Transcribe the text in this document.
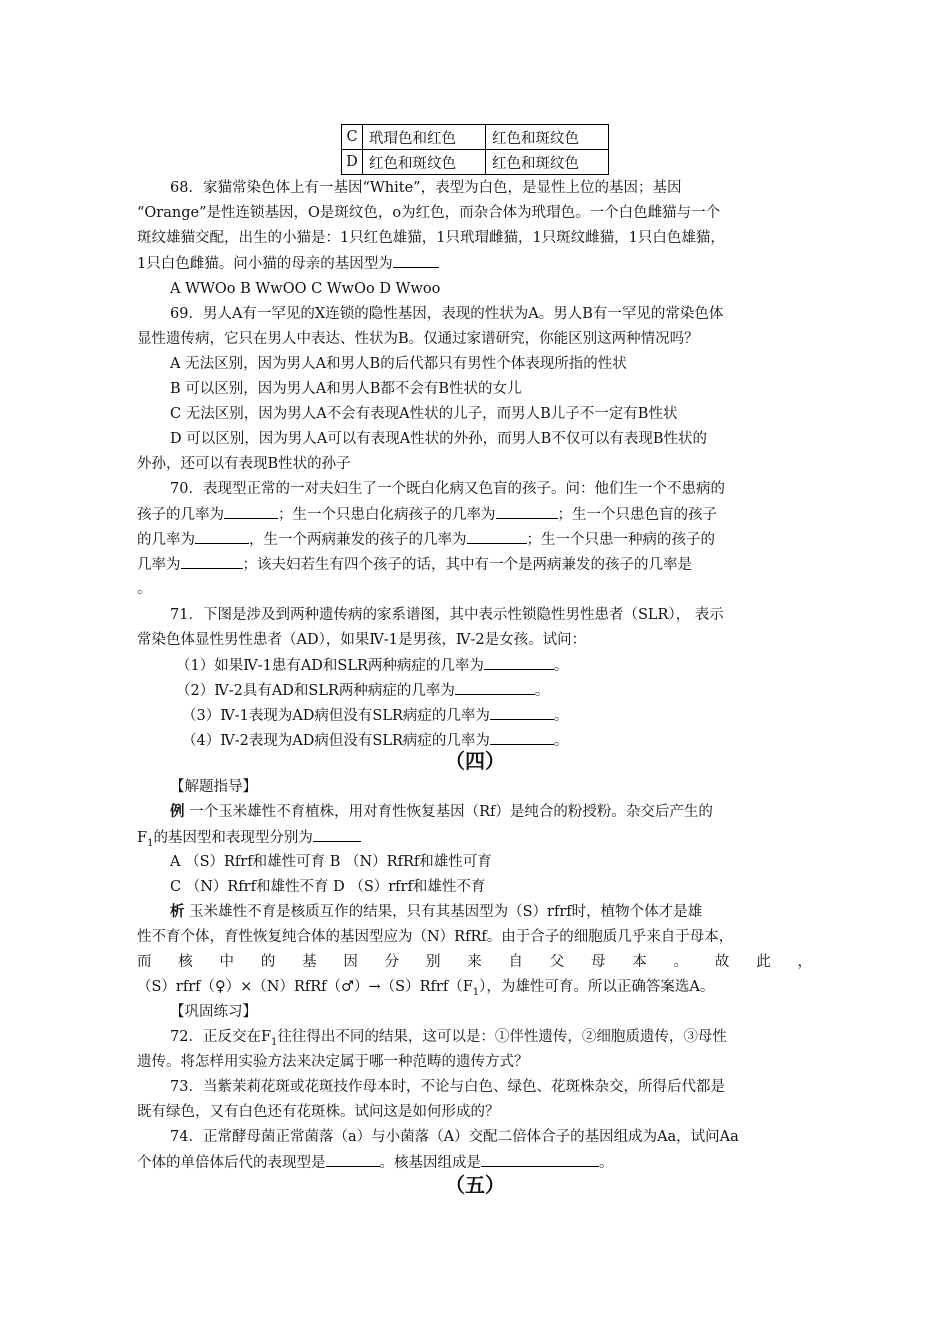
C	玳瑁色和红色	红色和斑纹色
D	红色和斑纹色	红色和斑纹色
68．家猫常染色体上有一基因“White”，表型为白色，是显性上位的基因；基因
“Orange”是性连锁基因，O是斑纹色，o为红色，而杂合体为玳瑁色。一个白色雌猫与一个
斑纹雄猫交配，出生的小猫是：1只红色雄猫，1只玳瑁雌猫，1只斑纹雌猫，1只白色雄猫，
1只白色雌猫。问小猫的母亲的基因型为
A WWOo B WwOO C WwOo D Wwoo
69．男人A有一罕见的X连锁的隐性基因，表现的性状为A。男人B有一罕见的常染色体
显性遗传病，它只在男人中表达、性状为B。仅通过家谱研究，你能区别这两种情况吗？
A 无法区别，因为男人A和男人B的后代都只有男性个体表现所指的性状
B 可以区别，因为男人A和男人B都不会有B性状的女儿
C 无法区别，因为男人A不会有表现A性状的儿子，而男人B儿子不一定有B性状
D 可以区别，因为男人A可以有表现A性状的外孙，而男人B不仅可以有表现B性状的
外孙，还可以有表现B性状的孙子
70．表现型正常的一对夫妇生了一个既白化病又色盲的孩子。问：他们生一个不患病的
孩子的几率为	；生一个只患白化病孩子的几率为	；生一个只患色盲的孩子
的几率为	，生一个两病兼发的孩子的几率为	；生一个只患一种病的孩子的
几率为	；该夫妇若生有四个孩子的话，其中有一个是两病兼发的孩子的几率是
。
71．下图是涉及到两种遗传病的家系谱图，其中表示性锁隐性男性患者（SLR）， 表示
常染色体显性男性患者（AD），如果Ⅳ-1是男孩，Ⅳ-2是女孩。试问：
（1）如果Ⅳ-1患有AD和SLR两种病症的几率为	。
（2）Ⅳ-2具有AD和SLR两种病症的几率为	。
（3）Ⅳ-1表现为AD病但没有SLR病症的几率为	。
（4）Ⅳ-2表现为AD病但没有SLR病症的几率为	。
（四）
【解题指导】
例 一个玉米雄性不育植株，用对育性恢复基因（Rf）是纯合的粉授粉。杂交后产生的
$F_1$的基因型和表现型分别为
A （S）Rfrf和雄性可育 B （N）RfRf和雄性可育
C （N）Rfrf和雄性不育 D （S）rfrf和雄性不育
析 玉米雄性不育是核质互作的结果，只有其基因型为（S）rfrf时，植物个体才是雄
性不育个体，育性恢复纯合体的基因型应为（N）RfRf。由于合子的细胞质几乎来自于母本，
而 核 中 的 基 因 分 别 来 自 父 母 本 。 故 此 ，
$(S)rfrf(♀)\times(N)RfRf(♂)\to(S)Rfrf(F_1)$，为雄性可育。所以正确答案选A。
【巩固练习】
72．正反交在$F_1$往往得出不同的结果，这可以是：①伴性遗传，②细胞质遗传，③母性
遗传。将怎样用实验方法来决定属于哪一种范畴的遗传方式？
73．当紫茉莉花斑或花斑技作母本时，不论与白色、绿色、花斑株杂交，所得后代都是
既有绿色，又有白色还有花斑株。试问这是如何形成的？
74．正常酵母菌正常菌落（a）与小菌落（A）交配二倍体合子的基因组成为Aa，试问Aa
个体的单倍体后代的表现型是	。核基因组成是	。
（五）
